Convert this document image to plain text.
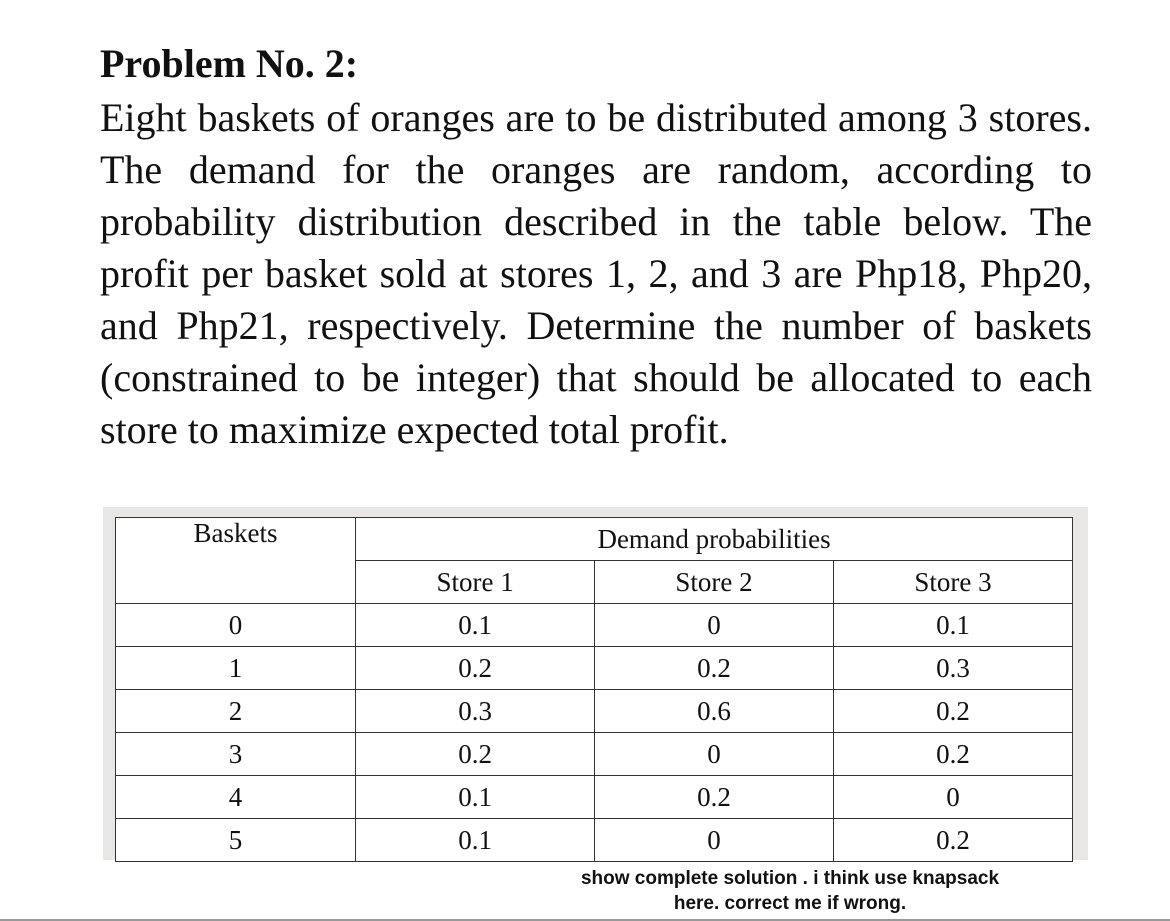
Problem No. 2:

Eight baskets of oranges are to be distributed among 3 stores. The demand for the oranges are random, according to probability distribution described in the table below. The profit per basket sold at stores 1, 2, and 3 are Php18, Php20, and Php21, respectively. Determine the number of baskets (constrained to be integer) that should be allocated to each store to maximize expected total profit.

Baskets	Demand probabilities		
	Store 1	Store 2	Store 3
0	0.1	0	0.1
1	0.2	0.2	0.3
2	0.3	0.6	0.2
3	0.2	0	0.2
4	0.1	0.2	0
5	0.1	0	0.2
show complete solution . i think use knapsack
here. correct me if wrong.
